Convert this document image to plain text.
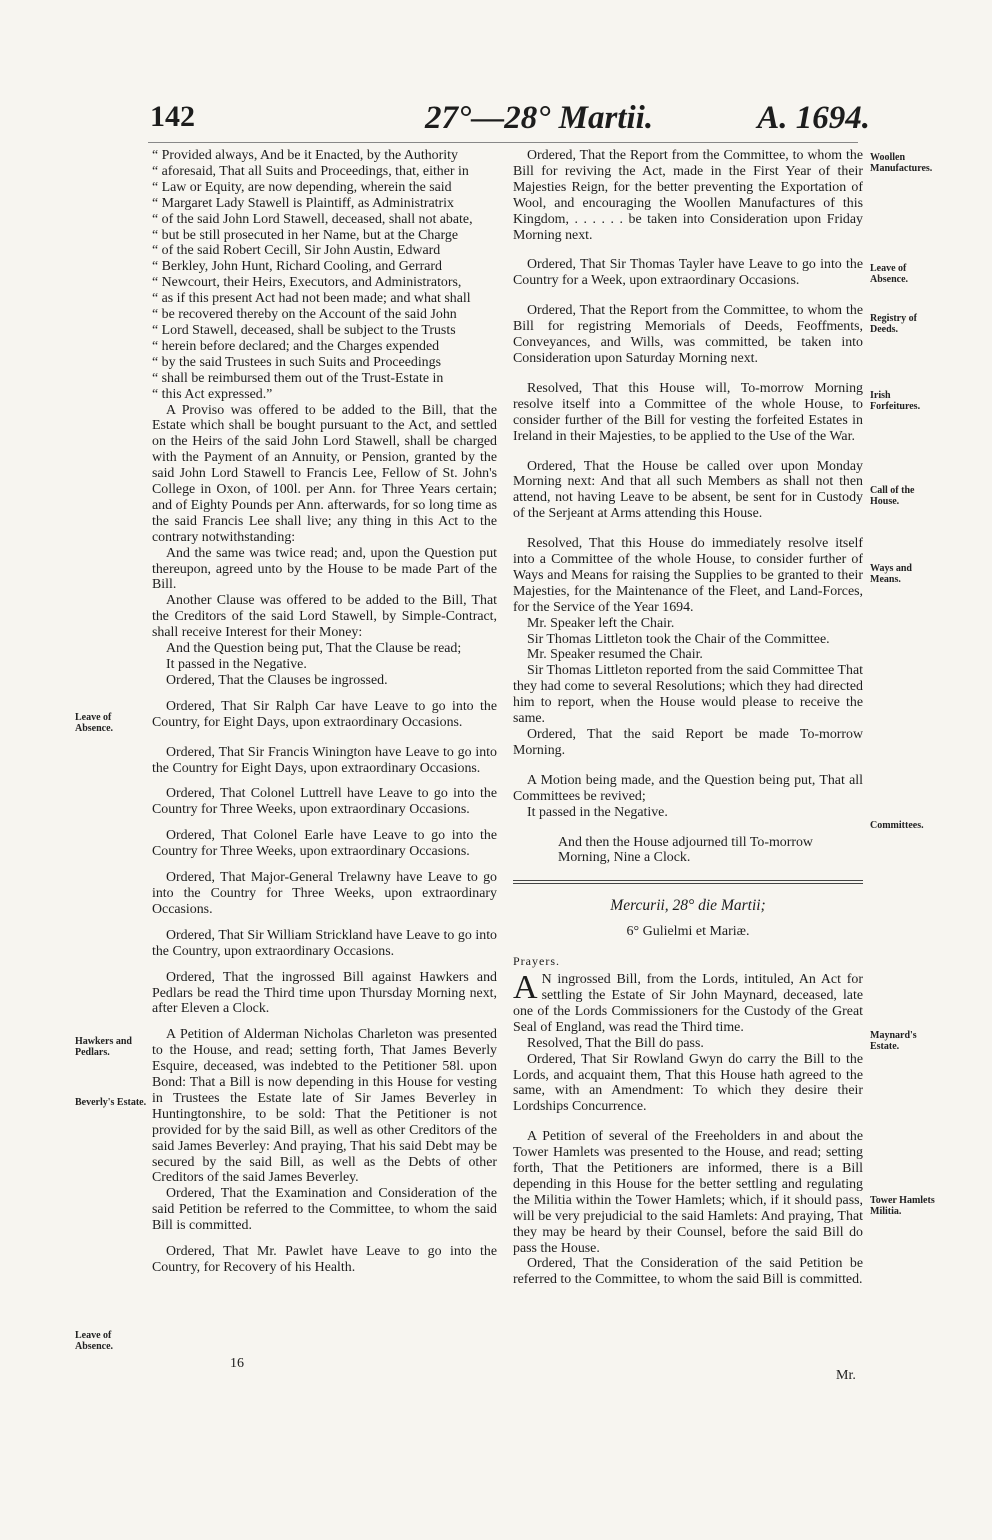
142	27°—28° Martii.	A. 1694.

“ Provided always, And be it Enacted, by the Authority

“ aforesaid, That all Suits and Proceedings, that, either in

“ Law or Equity, are now depending, wherein the said

“ Margaret Lady Stawell is Plaintiff, as Administratrix

“ of the said John Lord Stawell, deceased, shall not abate,

“ but be still prosecuted in her Name, but at the Charge

“ of the said Robert Cecill, Sir John Austin, Edward

“ Berkley, John Hunt, Richard Cooling, and Gerrard

“ Newcourt, their Heirs, Executors, and Administrators,

“ as if this present Act had not been made; and what shall

“ be recovered thereby on the Account of the said John

“ Lord Stawell, deceased, shall be subject to the Trusts

“ herein before declared; and the Charges expended

“ by the said Trustees in such Suits and Proceedings

“ shall be reimbursed them out of the Trust-Estate in

“ this Act expressed.”

A Proviso was offered to be added to the Bill, that the Estate which shall be bought pursuant to the Act, and settled on the Heirs of the said John Lord Stawell, shall be charged with the Payment of an Annuity, or Pension, granted by the said John Lord Stawell to Francis Lee, Fellow of St. John's College in Oxon, of 100l. per Ann. for Three Years certain; and of Eighty Pounds per Ann. afterwards, for so long time as the said Francis Lee shall live; any thing in this Act to the contrary notwithstanding:

And the same was twice read; and, upon the Question put thereupon, agreed unto by the House to be made Part of the Bill.

Another Clause was offered to be added to the Bill, That the Creditors of the said Lord Stawell, by Simple-Contract, shall receive Interest for their Money:

And the Question being put, That the Clause be read;

It passed in the Negative.

Ordered, That the Clauses be ingrossed.

Ordered, That Sir Ralph Car have Leave to go into the Country, for Eight Days, upon extraordinary Occasions.

Ordered, That Sir Francis Winington have Leave to go into the Country for Eight Days, upon extraordinary Occasions.

Ordered, That Colonel Luttrell have Leave to go into the Country for Three Weeks, upon extraordinary Occasions.

Ordered, That Colonel Earle have Leave to go into the Country for Three Weeks, upon extraordinary Occasions.

Ordered, That Major-General Trelawny have Leave to go into the Country for Three Weeks, upon extraordinary Occasions.

Ordered, That Sir William Strickland have Leave to go into the Country, upon extraordinary Occasions.

Ordered, That the ingrossed Bill against Hawkers and Pedlars be read the Third time upon Thursday Morning next, after Eleven a Clock.

A Petition of Alderman Nicholas Charleton was presented to the House, and read; setting forth, That James Beverly Esquire, deceased, was indebted to the Petitioner 58l. upon Bond: That a Bill is now depending in this House for vesting in Trustees the Estate late of Sir James Beverley in Huntingtonshire, to be sold: That the Petitioner is not provided for by the said Bill, as well as other Creditors of the said James Beverley: And praying, That his said Debt may be secured by the said Bill, as well as the Debts of other Creditors of the said James Beverley.

Ordered, That the Examination and Consideration of the said Petition be referred to the Committee, to whom the said Bill is committed.

Ordered, That Mr. Pawlet have Leave to go into the Country, for Recovery of his Health.

Leave of Absence.
Hawkers and Pedlars.
Beverly's Estate.
Leave of Absence.

Ordered, That the Report from the Committee, to whom the Bill for reviving the Act, made in the First Year of their Majesties Reign, for the better preventing the Exportation of Wool, and encouraging the Woollen Manufactures of this Kingdom, . . . . . . be taken into Consideration upon Friday Morning next.

Ordered, That Sir Thomas Tayler have Leave to go into the Country for a Week, upon extraordinary Occasions.

Ordered, That the Report from the Committee, to whom the Bill for registring Memorials of Deeds, Feoffments, Conveyances, and Wills, was committed, be taken into Consideration upon Saturday Morning next.

Resolved, That this House will, To-morrow Morning resolve itself into a Committee of the whole House, to consider further of the Bill for vesting the forfeited Estates in Ireland in their Majesties, to be applied to the Use of the War.

Ordered, That the House be called over upon Monday Morning next: And that all such Members as shall not then attend, not having Leave to be absent, be sent for in Custody of the Serjeant at Arms attending this House.

Resolved, That this House do immediately resolve itself into a Committee of the whole House, to consider further of Ways and Means for raising the Supplies to be granted to their Majesties, for the Maintenance of the Fleet, and Land-Forces, for the Service of the Year 1694.

Mr. Speaker left the Chair.

Sir Thomas Littleton took the Chair of the Committee.

Mr. Speaker resumed the Chair.

Sir Thomas Littleton reported from the said Committee That they had come to several Resolutions; which they had directed him to report, when the House would please to receive the same.

Ordered, That the said Report be made To-morrow Morning.

A Motion being made, and the Question being put, That all Committees be revived;

It passed in the Negative.

And then the House adjourned till To-morrow Morning, Nine a Clock.

Mercurii, 28° die Martii;
6° Gulielmi et Mariæ.
Prayers.

A N ingrossed Bill, from the Lords, intituled, An Act for settling the Estate of Sir John Maynard, deceased, late one of the Lords Commissioners for the Custody of the Great Seal of England, was read the Third time.

Resolved, That the Bill do pass.

Ordered, That Sir Rowland Gwyn do carry the Bill to the Lords, and acquaint them, That this House hath agreed to the same, with an Amendment: To which they desire their Lordships Concurrence.

A Petition of several of the Freeholders in and about the Tower Hamlets was presented to the House, and read; setting forth, That the Petitioners are informed, there is a Bill depending in this House for the better settling and regulating the Militia within the Tower Hamlets; which, if it should pass, will be very prejudicial to the said Hamlets: And praying, That they may be heard by their Counsel, before the said Bill do pass the House.

Ordered, That the Consideration of the said Petition be referred to the Committee, to whom the said Bill is committed.

Woollen Manufactures.
Leave of Absence.
Registry of Deeds.
Irish Forfeitures.
Call of the House.
Ways and Means.
Committees.
Maynard's Estate.
Tower Hamlets Militia.
16
Mr.
